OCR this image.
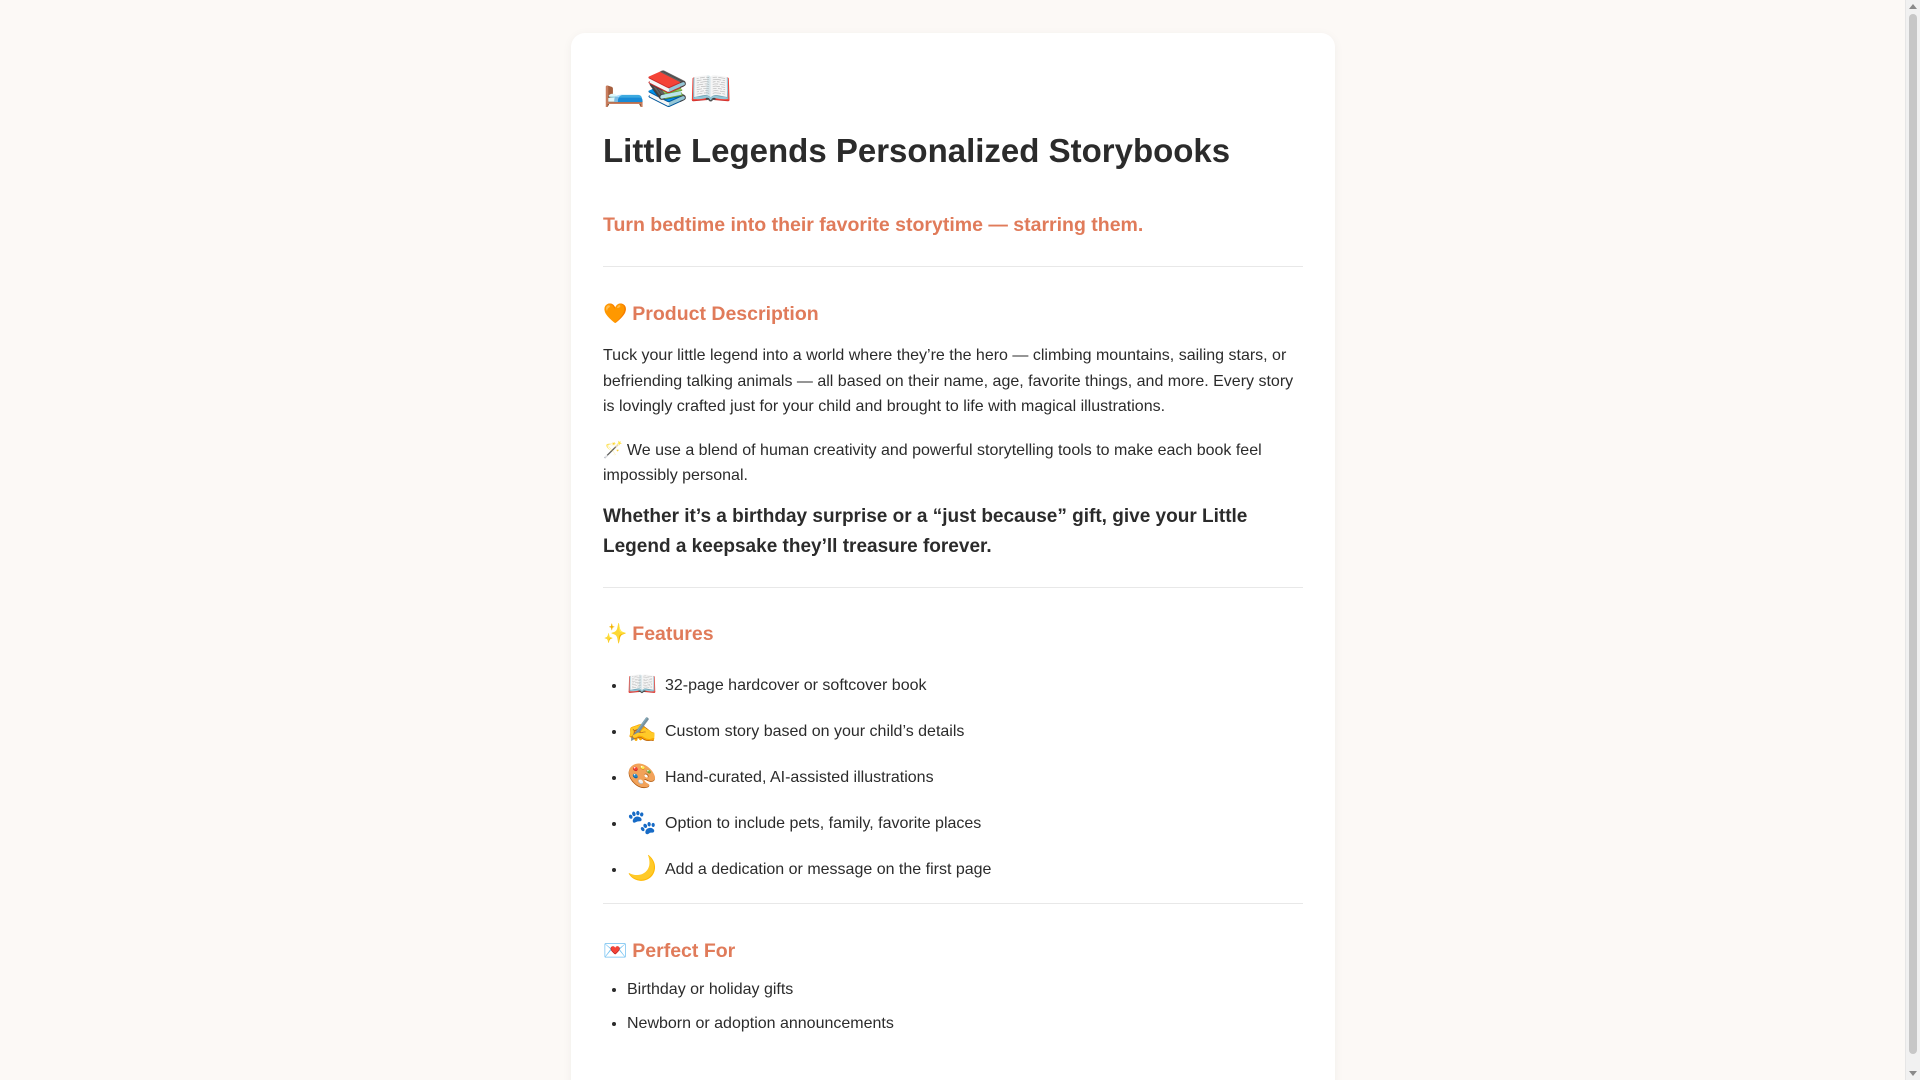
🛏️📚📖
Little Legends Personalized Storybooks

Turn bedtime into their favorite storytime — starring them.

🧡 Product Description

Tuck your little legend into a world where they’re the hero — climbing mountains, sailing stars, or befriending talking animals — all based on their name, age, favorite things, and more. Every story is lovingly crafted just for your child and brought to life with magical illustrations.

🪄 We use a blend of human creativity and powerful storytelling tools to make each book feel impossibly personal.

Whether it’s a birthday surprise or a “just because” gift, give your Little Legend a keepsake they’ll treasure forever.

✨ Features
• 📖 32-page hardcover or softcover book
• ✍️ Custom story based on your child’s details
• 🎨 Hand-curated, AI-assisted illustrations
• 🐾 Option to include pets, family, favorite places
• 🌙 Add a dedication or message on the first page
💌 Perfect For
• Birthday or holiday gifts
• Newborn or adoption announcements
